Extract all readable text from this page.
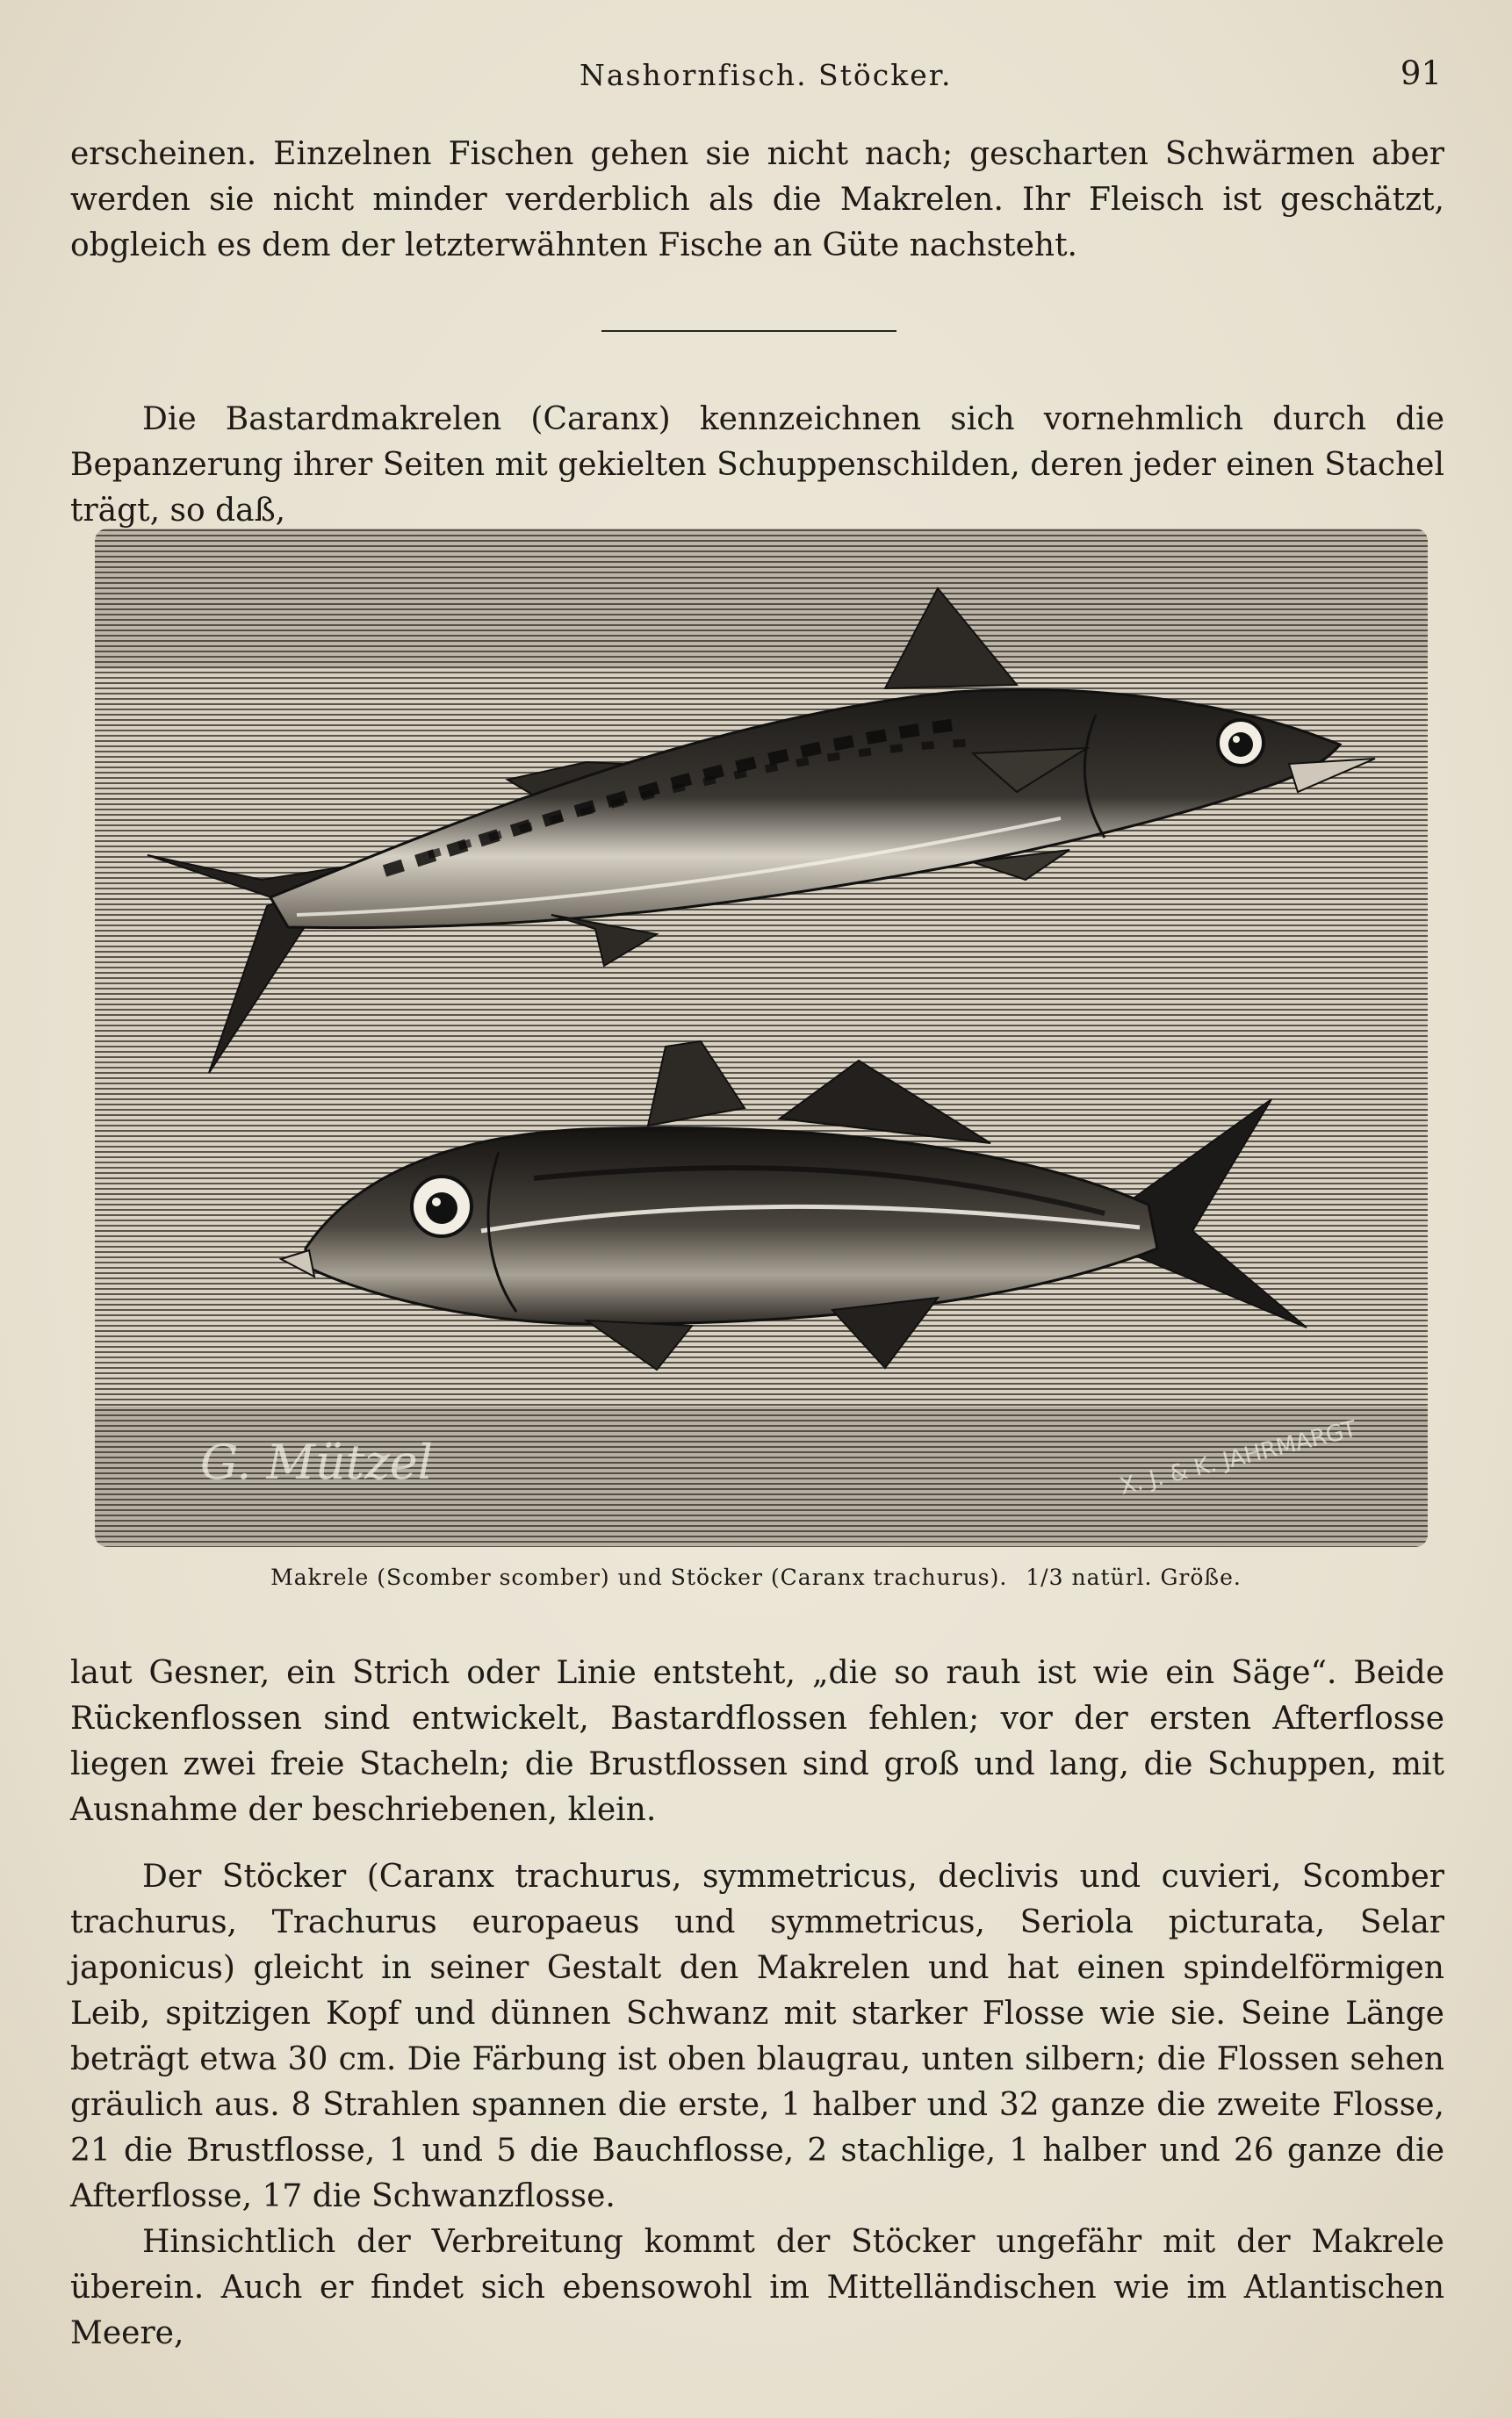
Nashornfisch. Stöcker.	91

erscheinen. Einzelnen Fischen gehen sie nicht nach; gescharten Schwärmen aber werden sie nicht minder verderblich als die Makrelen. Ihr Fleisch ist geschätzt, obgleich es dem der letzterwähnten Fische an Güte nachsteht.

Die Bastardmakrelen (Caranx) kennzeichnen sich vornehmlich durch die Bepanzerung ihrer Seiten mit gekielten Schuppenschilden, deren jeder einen Stachel trägt, so daß,

G. Mützel	X. J. & K. JAHRMARGT
Makrele (Scomber scomber) und Stöcker (Caranx trachurus). 1/3 natürl. Größe.

laut Gesner, ein Strich oder Linie entsteht, „die so rauh ist wie ein Säge“. Beide Rückenflossen sind entwickelt, Bastardflossen fehlen; vor der ersten Afterflosse liegen zwei freie Stacheln; die Brustflossen sind groß und lang, die Schuppen, mit Ausnahme der beschriebenen, klein.

Der Stöcker (Caranx trachurus, symmetricus, declivis und cuvieri, Scomber trachurus, Trachurus europaeus und symmetricus, Seriola picturata, Selar japonicus) gleicht in seiner Gestalt den Makrelen und hat einen spindelförmigen Leib, spitzigen Kopf und dünnen Schwanz mit starker Flosse wie sie. Seine Länge beträgt etwa 30 cm. Die Färbung ist oben blaugrau, unten silbern; die Flossen sehen gräulich aus. 8 Strahlen spannen die erste, 1 halber und 32 ganze die zweite Flosse, 21 die Brustflosse, 1 und 5 die Bauchflosse, 2 stachlige, 1 halber und 26 ganze die Afterflosse, 17 die Schwanzflosse.

Hinsichtlich der Verbreitung kommt der Stöcker ungefähr mit der Makrele überein. Auch er findet sich ebensowohl im Mittelländischen wie im Atlantischen Meere,
